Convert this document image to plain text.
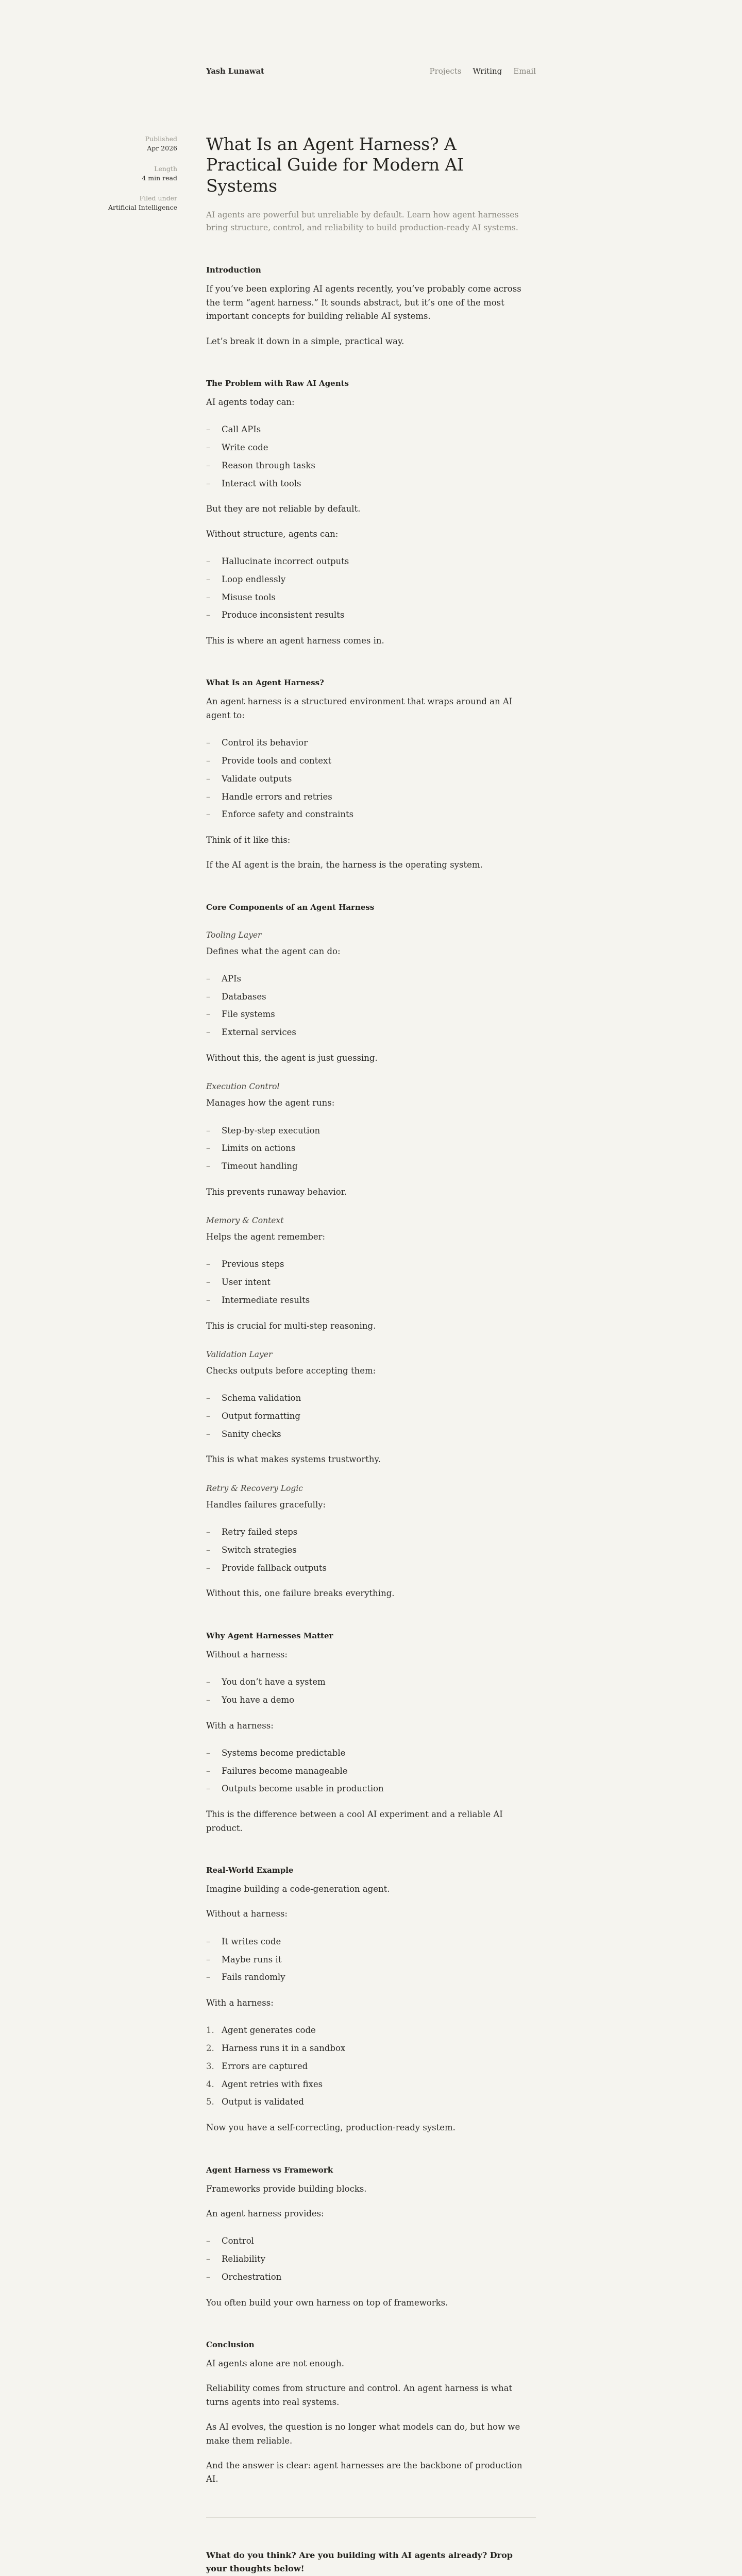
Yash Lunawat	Projects Writing Email
Published
Apr 2026
Length
4 min read
Filed under
Artificial Intelligence
What Is an Agent Harness? A Practical Guide for Modern AI Systems

AI agents are powerful but unreliable by default. Learn how agent harnesses bring structure, control, and reliability to build production-ready AI systems.

Introduction

If you’ve been exploring AI agents recently, you’ve probably come across the term “agent harness.” It sounds abstract, but it’s one of the most important concepts for building reliable AI systems.

Let’s break it down in a simple, practical way.

The Problem with Raw AI Agents

AI agents today can:

– Call APIs
– Write code
– Reason through tasks
– Interact with tools

But they are not reliable by default.

Without structure, agents can:

– Hallucinate incorrect outputs
– Loop endlessly
– Misuse tools
– Produce inconsistent results

This is where an agent harness comes in.

What Is an Agent Harness?

An agent harness is a structured environment that wraps around an AI agent to:

– Control its behavior
– Provide tools and context
– Validate outputs
– Handle errors and retries
– Enforce safety and constraints

Think of it like this:

If the AI agent is the brain, the harness is the operating system.

Core Components of an Agent Harness
Tooling Layer

Defines what the agent can do:

– APIs
– Databases
– File systems
– External services

Without this, the agent is just guessing.

Execution Control

Manages how the agent runs:

– Step-by-step execution
– Limits on actions
– Timeout handling

This prevents runaway behavior.

Memory & Context

Helps the agent remember:

– Previous steps
– User intent
– Intermediate results

This is crucial for multi-step reasoning.

Validation Layer

Checks outputs before accepting them:

– Schema validation
– Output formatting
– Sanity checks

This is what makes systems trustworthy.

Retry & Recovery Logic

Handles failures gracefully:

– Retry failed steps
– Switch strategies
– Provide fallback outputs

Without this, one failure breaks everything.

Why Agent Harnesses Matter

Without a harness:

– You don’t have a system
– You have a demo

With a harness:

– Systems become predictable
– Failures become manageable
– Outputs become usable in production

This is the difference between a cool AI experiment and a reliable AI product.

Real-World Example

Imagine building a code-generation agent.

Without a harness:

– It writes code
– Maybe runs it
– Fails randomly

With a harness:

1. Agent generates code
2. Harness runs it in a sandbox
3. Errors are captured
4. Agent retries with fixes
5. Output is validated

Now you have a self-correcting, production-ready system.

Agent Harness vs Framework

Frameworks provide building blocks.

An agent harness provides:

– Control
– Reliability
– Orchestration

You often build your own harness on top of frameworks.

Conclusion

AI agents alone are not enough.

Reliability comes from structure and control. An agent harness is what turns agents into real systems.

As AI evolves, the question is no longer what models can do, but how we make them reliable.

And the answer is clear: agent harnesses are the backbone of production AI.

What do you think? Are you building with AI agents already? Drop your thoughts below!
